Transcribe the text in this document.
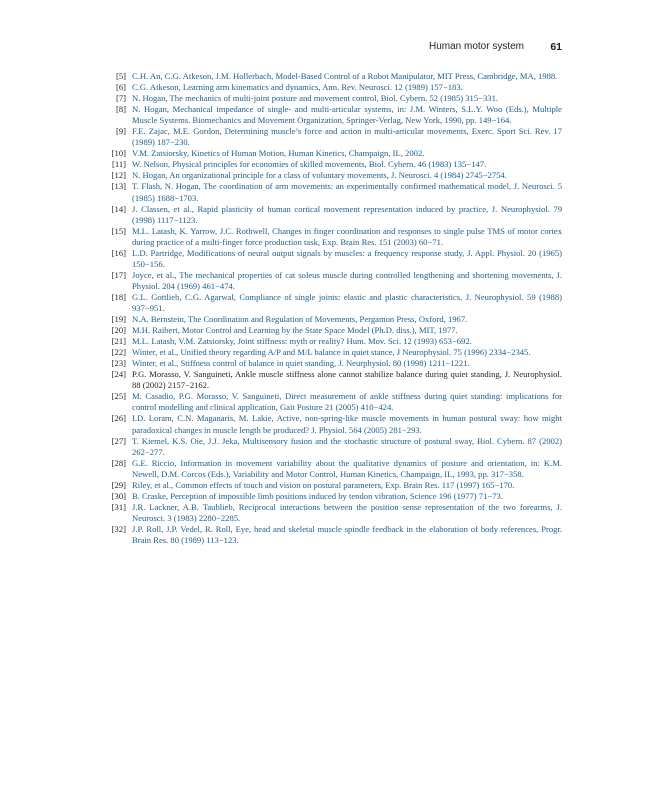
Human motor system	61
[5] C.H. An, C.G. Atkeson, J.M. Hollerbach, Model-Based Control of a Robot Manipulator, MIT Press, Cambridge, MA, 1988.
[6] C.G. Atkeson, Learning arm kinematics and dynamics, Ann. Rev. Neurosci. 12 (1989) 157−183.
[7] N. Hogan, The mechanics of multi-joint posture and movement control, Biol. Cybern. 52 (1985) 315−331.
[8] N. Hogan, Mechanical impedance of single- and multi-articular systems, in: J.M. Winters, S.L.Y. Woo (Eds.), Multiple Muscle Systems. Biomechanics and Movement Organization, Springer-Verlag, New York, 1990, pp. 149−164.
[9] F.E. Zajac, M.E. Gordon, Determining muscle’s force and action in multi-articular movements, Exerc. Sport Sci. Rev. 17 (1989) 187−230.
[10] V.M. Zatsiorsky, Kinetics of Human Motion, Human Kinetics, Champaign, IL, 2002.
[11] W. Nelson, Physical principles for economies of skilled movements, Biol. Cybern. 46 (1983) 135−147.
[12] N. Hogan, An organizational principle for a class of voluntary movements, J. Neurosci. 4 (1984) 2745−2754.
[13] T. Flash, N. Hogan, The coordination of arm movements: an experimentally confirmed mathematical model, J. Neurosci. 5 (1985) 1688−1703.
[14] J. Classen, et al., Rapid plasticity of human cortical movement representation induced by practice, J. Neurophysiol. 79 (1998) 1117−1123.
[15] M.L. Latash, K. Yarrow, J.C. Rothwell, Changes in finger coordination and responses to single pulse TMS of motor cortex during practice of a multi-finger force production task, Exp. Brain Res. 151 (2003) 60−71.
[16] L.D. Partridge, Modifications of neural output signals by muscles: a frequency response study, J. Appl. Physiol. 20 (1965) 150−156.
[17] Joyce, et al., The mechanical properties of cat soleus muscle during controlled lengthening and shortening movements, J. Physiol. 204 (1969) 461−474.
[18] G.L. Gottlieb, C.G. Agarwal, Compliance of single joints: elastic and plastic characteristics, J. Neurophysiol. 59 (1988) 937−951.
[19] N.A. Bernstein, The Coordination and Regulation of Movements, Pergamon Press, Oxford, 1967.
[20] M.H. Raibert, Motor Control and Learning by the State Space Model (Ph.D. diss.), MIT, 1977.
[21] M.L. Latash, V.M. Zatsiorsky, Joint stiffness: myth or reality? Hum. Mov. Sci. 12 (1993) 653−692.
[22] Winter, et al., Unified theory regarding A/P and M/L balance in quiet stance, J Neurophysiol. 75 (1996) 2334−2345.
[23] Winter, et al., Stiffness control of balance in quiet standing, J. Neurphysiol. 80 (1998) 1211−1221.
[24] P.G. Morasso, V. Sanguineti, Ankle muscle stiffness alone cannot stabilize balance during quiet standing, J. Neurophysiol. 88 (2002) 2157−2162.
[25] M. Casadio, P.G. Morasso, V. Sanguineti, Direct measurement of ankle stiffness during quiet standing: implications for control modelling and clinical application, Gait Posture 21 (2005) 410−424.
[26] I.D. Loram, C.N. Maganaris, M. Lakie, Active, non-spring-like muscle movements in human postural sway: how might paradoxical changes in muscle length be produced? J. Physiol. 564 (2005) 281−293.
[27] T. Kiemel, K.S. Oie, J.J. Jeka, Multisensory fusion and the stochastic structure of postural sway, Biol. Cybern. 87 (2002) 262−277.
[28] G.E. Riccio, Information in movement variability about the qualitative dynamics of posture and orientation, in: K.M. Newell, D.M. Corcos (Eds.), Variability and Motor Control, Human Kinetics, Champaign, IL, 1993, pp. 317−358.
[29] Riley, et al., Common effects of touch and vision on postural parameters, Exp. Brain Res. 117 (1997) 165−170.
[30] B. Craske, Perception of impossible limb positions induced by tendon vibration, Science 196 (1977) 71−73.
[31] J.R. Lackner, A.B. Taublieb, Reciprocal interactions between the position sense representation of the two forearms, J. Neurosci. 3 (1983) 2280−2285.
[32] J.P. Roll, J.P. Vedel, R. Roll, Eye, head and skeletal muscle spindle feedback in the elaboration of body references, Progr. Brain Res. 80 (1989) 113−123.
